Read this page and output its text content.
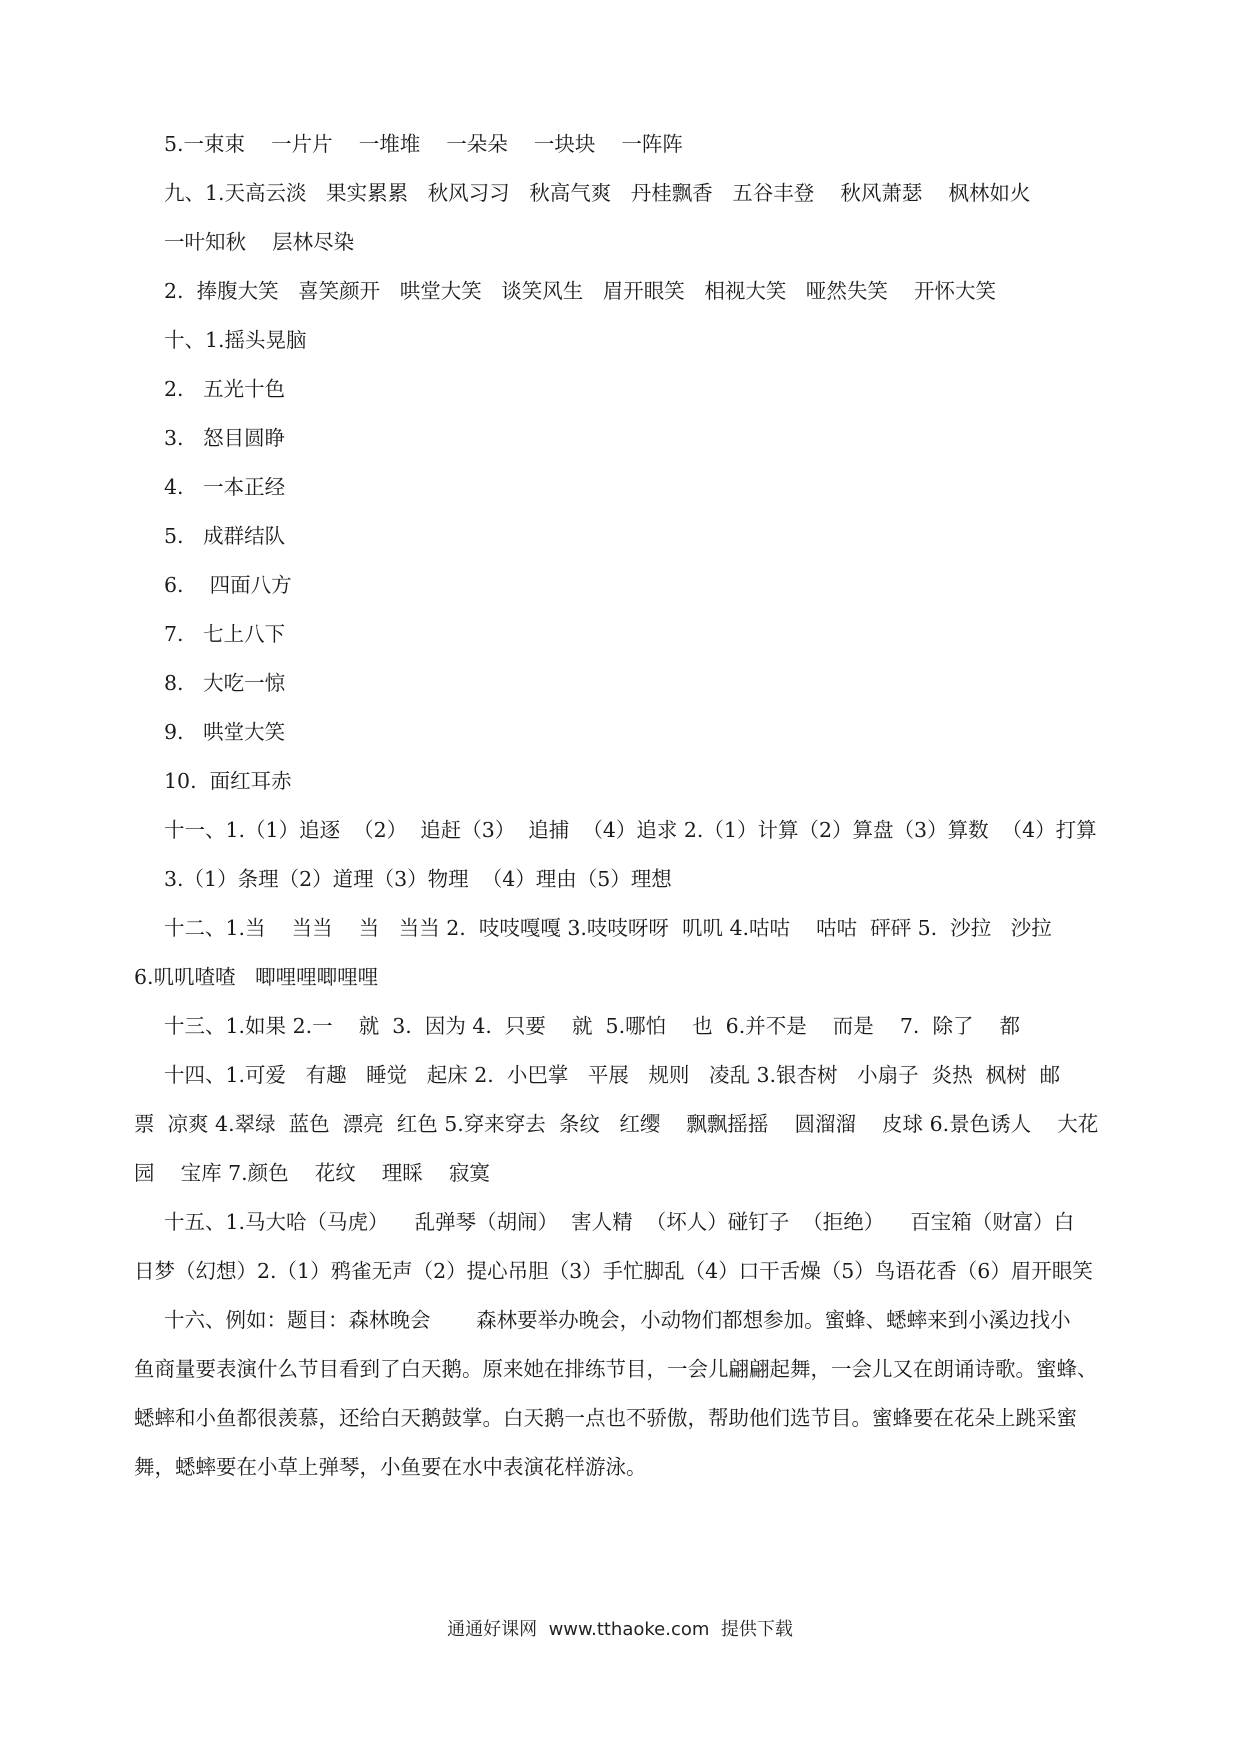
5.一束束    一片片    一堆堆    一朵朵    一块块    一阵阵
九、1.天高云淡   果实累累   秋风习习   秋高气爽   丹桂飘香   五谷丰登    秋风萧瑟    枫林如火
一叶知秋    层林尽染
2.  捧腹大笑   喜笑颜开   哄堂大笑   谈笑风生   眉开眼笑   相视大笑   哑然失笑    开怀大笑
十、1.摇头晃脑
2.   五光十色
3.   怒目圆睁
4.   一本正经
5.   成群结队
6.    四面八方
7.   七上八下
8.   大吃一惊
9.   哄堂大笑
10.  面红耳赤
十一、1.（1）追逐  （2）  追赶（3）  追捕  （4）追求 2.（1）计算（2）算盘（3）算数  （4）打算
3.（1）条理（2）道理（3）物理  （4）理由（5）理想
十二、1.当    当当    当   当当 2.  吱吱嘎嘎 3.吱吱呀呀  叽叽 4.咕咕    咕咕  砰砰 5.  沙拉   沙拉
6.叽叽喳喳   唧哩哩唧哩哩
十三、1.如果 2.一    就  3.  因为 4.  只要    就  5.哪怕    也  6.并不是    而是    7.  除了    都
十四、1.可爱   有趣   睡觉   起床 2.  小巴掌   平展   规则   凌乱 3.银杏树   小扇子  炎热  枫树  邮
票  凉爽 4.翠绿  蓝色  漂亮  红色 5.穿来穿去  条纹   红缨    飘飘摇摇    圆溜溜    皮球 6.景色诱人    大花
园    宝库 7.颜色    花纹    理睬    寂寞
十五、1.马大哈（马虎）    乱弹琴（胡闹）  害人精  （坏人）碰钉子  （拒绝）    百宝箱（财富）白
日梦（幻想）2.（1）鸦雀无声（2）提心吊胆（3）手忙脚乱（4）口干舌燥（5）鸟语花香（6）眉开眼笑
十六、例如：题目：森林晚会       森林要举办晚会，小动物们都想参加。蜜蜂、蟋蟀来到小溪边找小
鱼商量要表演什么节目看到了白天鹅。原来她在排练节目，一会儿翩翩起舞，一会儿又在朗诵诗歌。蜜蜂、
蟋蟀和小鱼都很羡慕，还给白天鹅鼓掌。白天鹅一点也不骄傲，帮助他们选节目。蜜蜂要在花朵上跳采蜜
舞，蟋蟀要在小草上弹琴，小鱼要在水中表演花样游泳。
通通好课网  www.tthaoke.com  提供下载
